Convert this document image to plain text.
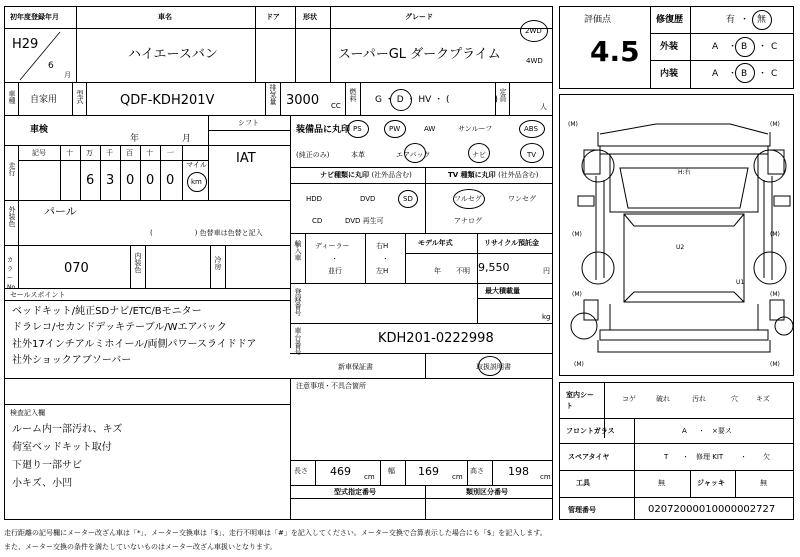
初年度登録年月	車名	ドア	形状	グレード
H29
6
月
ハイエースバン	スーパーGL ダークプライム
2WD
4WD
評価点
4.5
修復歴	有 ・ 無
外装	A ・ B ・ C
内装	A ・ B ・ C
車種 自家用	型式	QDF-KDH201V	排気量 3000 CC
燃料 G ・ D ・ HV ・ (　　　　　) 定員
人
車検
年	月
シフト
IAT
走行
記号	十 万 千 百 十 一
マイル
6 3 0 0 0 km
装備品に丸印
(純正のみ)
PS	PW	AW	サンルーフ	ABS
本革	エアバック	ナビ	TV
ナビ種類に丸印 (社外品含む)	TV 種類に丸印 (社外品含む)
HDD	DVD	SD
CD	DVD 再生可
フルセグ	ワンセグ
アナログ
外装色	パール
(　　　　　　) 色替車は色替と記入
カラーNo.
070	内装色	冷房
輸入車 ディーラー
・
並行
右H
・
左H
モデル年式
年 不明
リサイクル預託金
9,550	円
セールスポイント
ベッドキット/純正SDナビ/ETC/Bモニター
ドラレコ/セカンドデッキテーブル/Wエアバック
社外17インチアルミホイール/両側パワースライドドア
社外ショックアブソーバー
登録番号	最大積載量
kg
車台番号	KDH201-0222998
新車保証書	取扱説明書
注意事項・不具合箇所
検査記入欄
ルーム内一部汚れ、キズ
荷室ベッドキット取付
下廻り一部サビ
小キズ、小凹
長さ 469 cm
幅 169 cm
高さ 198 cm
型式指定番号	類別区分番号
H:右
U2
U1
(M)	(M)
(M)	(M)
(M)	(M)
(M)	(M)
室内シート
コゲ	破れ	汚れ	穴	キズ
フロントガラス	A ・ ×要ス
スペアタイヤ	T ・ 修理 KIT ・ 欠
工具	無	ジャッキ	無
管理番号	02072000010000002727
走行距離の記号欄にメーター改ざん車は「*」、メーター交換車は「$」、走行不明車は「#」を記入してください。メーター交換で合算表示した場合にも「$」を記入します。
また、メーター交換の条件を満たしていないものはメーター改ざん車扱いとなります。
